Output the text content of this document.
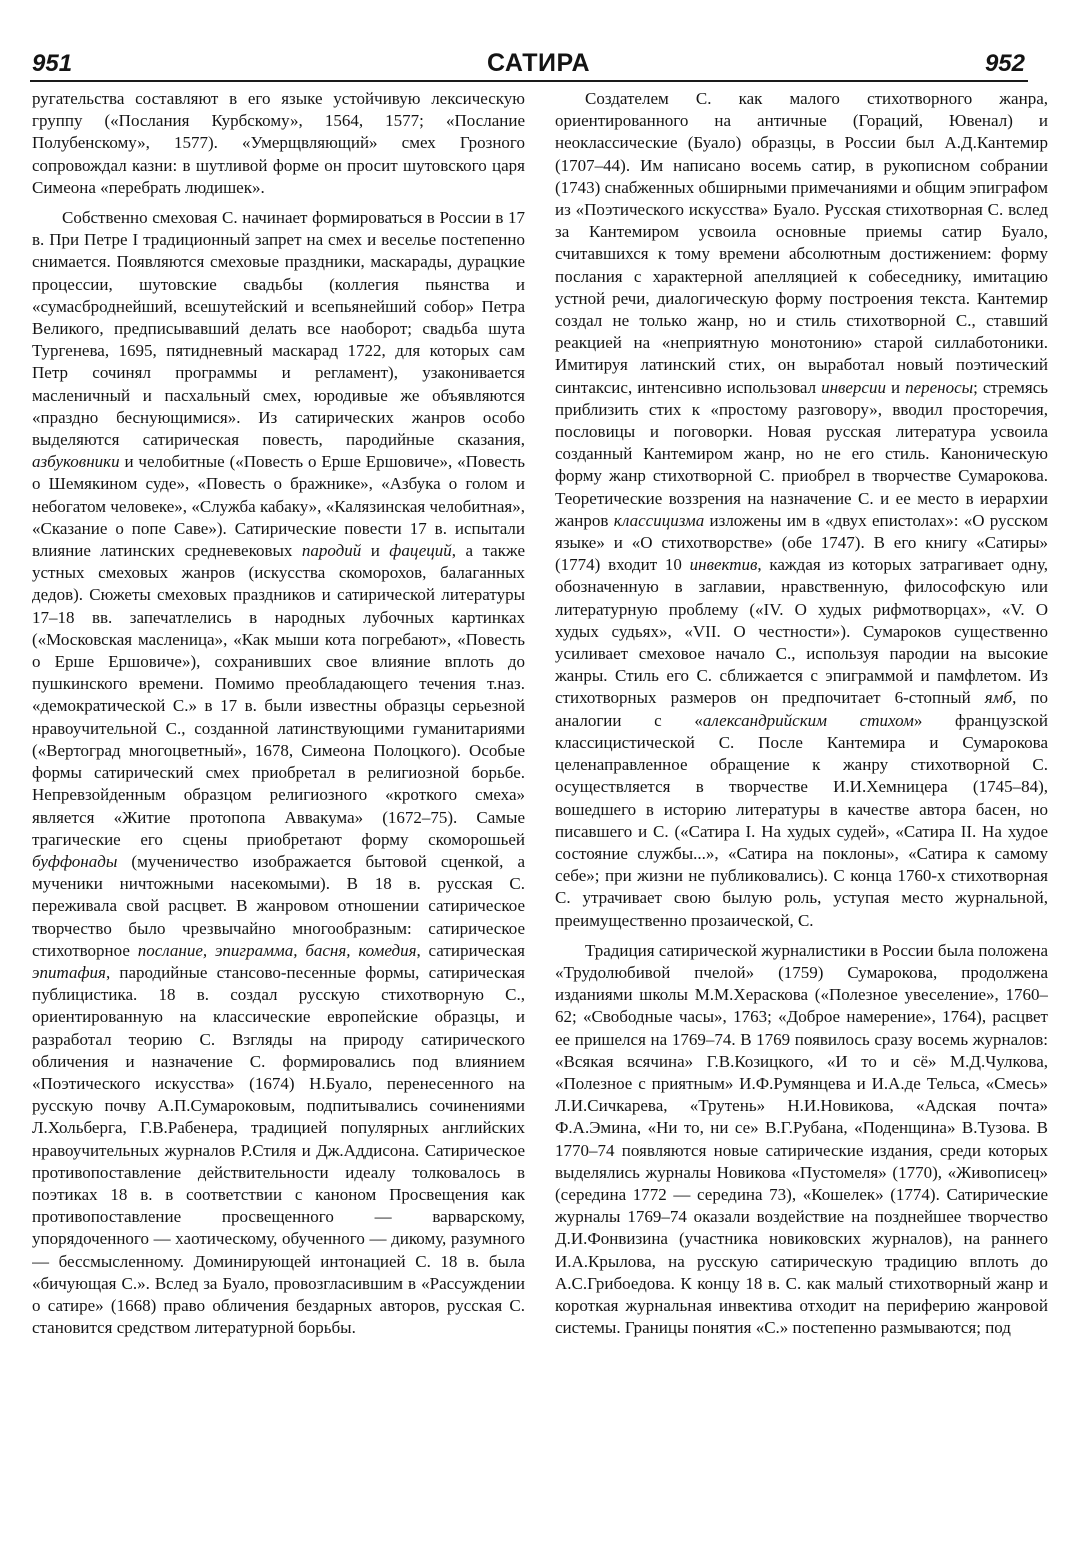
951	САТИРА	952

ругательства составляют в его языке устойчивую лексическую группу («Послания Курбскому», 1564, 1577; «Послание Полубенскому», 1577). «Умерщвляющий» смех Грозного сопровождал казни: в шутливой форме он просит шутовского царя Симеона «перебрать людишек».

Собственно смеховая С. начинает формироваться в России в 17 в. При Петре I традиционный запрет на смех и веселье постепенно снимается. Появляются смеховые праздники, маскарады, дурацкие процессии, шутовские свадьбы (коллегия пьянства и «сумасброднейший, всешутейский и всепьянейший собор» Петра Великого, предписывавший делать все наоборот; свадьба шута Тургенева, 1695, пятидневный маскарад 1722, для которых сам Петр сочинял программы и регламент), узаконивается масленичный и пасхальный смех, юродивые же объявляются «праздно беснующимися». Из сатирических жанров особо выделяются сатирическая повесть, пародийные сказания, азбуковники и челобитные («Повесть о Ерше Ершовиче», «Повесть о Шемякином суде», «Повесть о бражнике», «Азбука о голом и небогатом человеке», «Служба кабаку», «Калязинская челобитная», «Сказание о попе Саве»). Сатирические повести 17 в. испытали влияние латинских средневековых пародий и фацеций, а также устных смеховых жанров (искусства скоморохов, балаганных дедов). Сюжеты смеховых праздников и сатирической литературы 17–18 вв. запечатлелись в народных лубочных картинках («Московская масленица», «Как мыши кота погребают», «Повесть о Ерше Ершовиче»), сохранивших свое влияние вплоть до пушкинского времени. Помимо преобладающего течения т.наз. «демократической С.» в 17 в. были известны образцы серьезной нравоучительной С., созданной латинствующими гуманитариями («Вертоград многоцветный», 1678, Симеона Полоцкого). Особые формы сатирический смех приобретал в религиозной борьбе. Непревзойденным образцом религиозного «кроткого смеха» является «Житие протопопа Аввакума» (1672–75). Самые трагические его сцены приобретают форму скоморошьей буффонады (мученичество изображается бытовой сценкой, а мученики ничтожными насекомыми). В 18 в. русская С. переживала свой расцвет. В жанровом отношении сатирическое творчество было чрезвычайно многообразным: сатирическое стихотворное послание, эпиграмма, басня, комедия, сатирическая эпитафия, пародийные стансово-песенные формы, сатирическая публицистика. 18 в. создал русскую стихотворную С., ориентированную на классические европейские образцы, и разработал теорию С. Взгляды на природу сатирического обличения и назначение С. формировались под влиянием «Поэтического искусства» (1674) Н.Буало, перенесенного на русскую почву А.П.Сумароковым, подпитывались сочинениями Л.Хольберга, Г.В.Рабенера, традицией популярных английских нравоучительных журналов Р.Стиля и Дж.Аддисона. Сатирическое противопоставление действительности идеалу толковалось в поэтиках 18 в. в соответствии с каноном Просвещения как противопоставление просвещенного — варварскому, упорядоченного — хаотическому, обученного — дикому, разумного — бессмысленному. Доминирующей интонацией С. 18 в. была «бичующая С.». Вслед за Буало, провозгласившим в «Рассуждении о сатире» (1668) право обличения бездарных авторов, русская С. становится средством литературной борьбы.

Создателем С. как малого стихотворного жанра, ориентированного на античные (Гораций, Ювенал) и неоклассические (Буало) образцы, в России был А.Д.Кантемир (1707–44). Им написано восемь сатир, в рукописном собрании (1743) снабженных обширными примечаниями и общим эпиграфом из «Поэтического искусства» Буало. Русская стихотворная С. вслед за Кантемиром усвоила основные приемы сатир Буало, считавшихся к тому времени абсолютным достижением: форму послания с характерной апелляцией к собеседнику, имитацию устной речи, диалогическую форму построения текста. Кантемир создал не только жанр, но и стиль стихотворной С., ставший реакцией на «неприятную монотонию» старой силлаботоники. Имитируя латинский стих, он выработал новый поэтический синтаксис, интенсивно использовал инверсии и переносы; стремясь приблизить стих к «простому разговору», вводил просторечия, пословицы и поговорки. Новая русская литература усвоила созданный Кантемиром жанр, но не его стиль. Каноническую форму жанр стихотворной С. приобрел в творчестве Сумарокова. Теоретические воззрения на назначение С. и ее место в иерархии жанров классицизма изложены им в «двух епистолах»: «О русском языке» и «О стихотворстве» (обе 1747). В его книгу «Сатиры» (1774) входит 10 инвектив, каждая из которых затрагивает одну, обозначенную в заглавии, нравственную, философскую или литературную проблему («IV. О худых рифмотворцах», «V. О худых судьях», «VII. О честности»). Сумароков существенно усиливает смеховое начало С., используя пародии на высокие жанры. Стиль его С. сближается с эпиграммой и памфлетом. Из стихотворных размеров он предпочитает 6-стопный ямб, по аналогии с «александрийским стихом» французской классицистической С. После Кантемира и Сумарокова целенаправленное обращение к жанру стихотворной С. осуществляется в творчестве И.И.Хемницера (1745–84), вошедшего в историю литературы в качестве автора басен, но писавшего и С. («Сатира I. На худых судей», «Сатира II. На худое состояние службы...», «Сатира на поклоны», «Сатира к самому себе»; при жизни не публиковались). С конца 1760-х стихотворная С. утрачивает свою былую роль, уступая место журнальной, преимущественно прозаической, С.

Традиция сатирической журналистики в России была положена «Трудолюбивой пчелой» (1759) Сумарокова, продолжена изданиями школы М.М.Хераскова («Полезное увеселение», 1760–62; «Свободные часы», 1763; «Доброе намерение», 1764), расцвет ее пришелся на 1769–74. В 1769 появилось сразу восемь журналов: «Всякая всячина» Г.В.Козицкого, «И то и сё» М.Д.Чулкова, «Полезное с приятным» И.Ф.Румянцева и И.А.де Тельса, «Смесь» Л.И.Сичкарева, «Трутень» Н.И.Новикова, «Адская почта» Ф.А.Эмина, «Ни то, ни се» В.Г.Рубана, «Поденщина» В.Тузова. В 1770–74 появляются новые сатирические издания, среди которых выделялись журналы Новикова «Пустомеля» (1770), «Живописец» (середина 1772 — середина 73), «Кошелек» (1774). Сатирические журналы 1769–74 оказали воздействие на позднейшее творчество Д.И.Фонвизина (участника новиковских журналов), на раннего И.А.Крылова, на русскую сатирическую традицию вплоть до А.С.Грибоедова. К концу 18 в. С. как малый стихотворный жанр и короткая журнальная инвектива отходит на периферию жанровой системы. Границы понятия «С.» постепенно размываются; под
